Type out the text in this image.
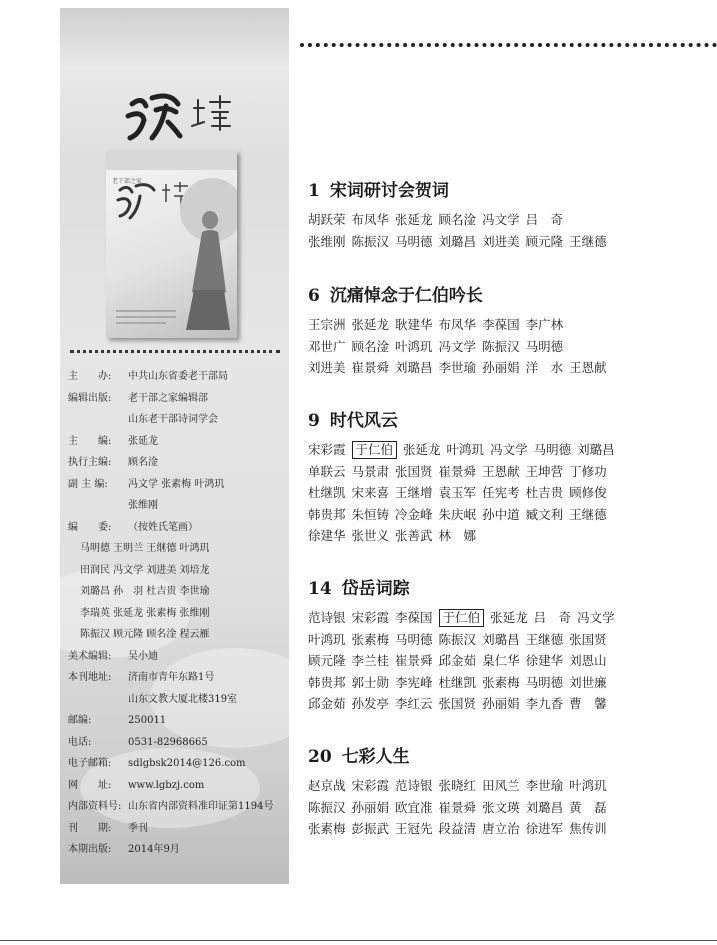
老干部之家
主　　办: 中共山东省委老干部局
编辑出版: 老干部之家编辑部
山东老干部诗词学会
主　　编: 张延龙
执行主编: 顾名淦
副 主 编: 冯文学 张素梅 叶鸿玑
张维刚
编　　委: （按姓氏笔画）
马明德 王明兰 王继德 叶鸿玑
田润民 冯文学 刘进美 刘培龙
刘璐昌 孙　羽 杜吉贵 李世瑜
李瑞英 张延龙 张素梅 张维刚
陈振汉 顾元隆 顾名淦 程云雁
美术编辑: 吴小迪
本刊地址: 济南市青年东路1号
山东文教大厦北楼319室
邮编:	250011
电话:	0531-82968665
电子邮箱: sdlgbsk2014@126.com
网　　址: www.lgbzj.com
内部资料号: 山东省内部资料准印证第1194号
刊　　期: 季刊
本期出版: 2014年9月
1 宋词研讨会贺词
胡跃荣 布凤华 张延龙 顾名淦 冯文学 吕　奇
张维刚 陈振汉 马明德 刘璐昌 刘进美 顾元隆 王继德
6 沉痛悼念于仁伯吟长
王宗洲 张延龙 耿建华 布凤华 李葆国 李广林
邓世广 顾名淦 叶鸿玑 冯文学 陈振汉 马明德
刘进美 崔景舜 刘璐昌 李世瑜 孙丽娟 洋　水 王恩献
9 时代风云
宋彩霞 于仁伯 张延龙 叶鸿玑 冯文学 马明德 刘璐昌
单联云 马景肃 张国贤 崔景舜 王恩献 王坤营 丁修功
杜继凯 宋来喜 王继增 袁玉军 任宪考 杜吉贵 顾修俊
韩贵邦 朱恒铸 冷金峰 朱庆岷 孙中道 臧文利 王继德
徐建华 张世义 张善武 林　娜
14 岱岳词踪
范诗银 宋彩霞 李葆国 于仁伯 张延龙 吕　奇 冯文学
叶鸿玑 张素梅 马明德 陈振汉 刘璐昌 王继德 张国贤
顾元隆 李兰桂 崔景舜 邱金茹 臬仁华 徐建华 刘恩山
韩贵邦 郭士勋 李宪峰 杜继凯 张素梅 马明德 刘世廉
邱金茹 孙发亭 李红云 张国贤 孙丽娟 李九香 曹　馨
20 七彩人生
赵京战 宋彩霞 范诗银 张晓红 田风兰 李世瑜 叶鸿玑
陈振汉 孙丽娟 欧宜准 崔景舜 张文瑛 刘璐昌 黄　磊
张素梅 彭振武 王冠先 段益清 唐立治 徐进军 焦传训
